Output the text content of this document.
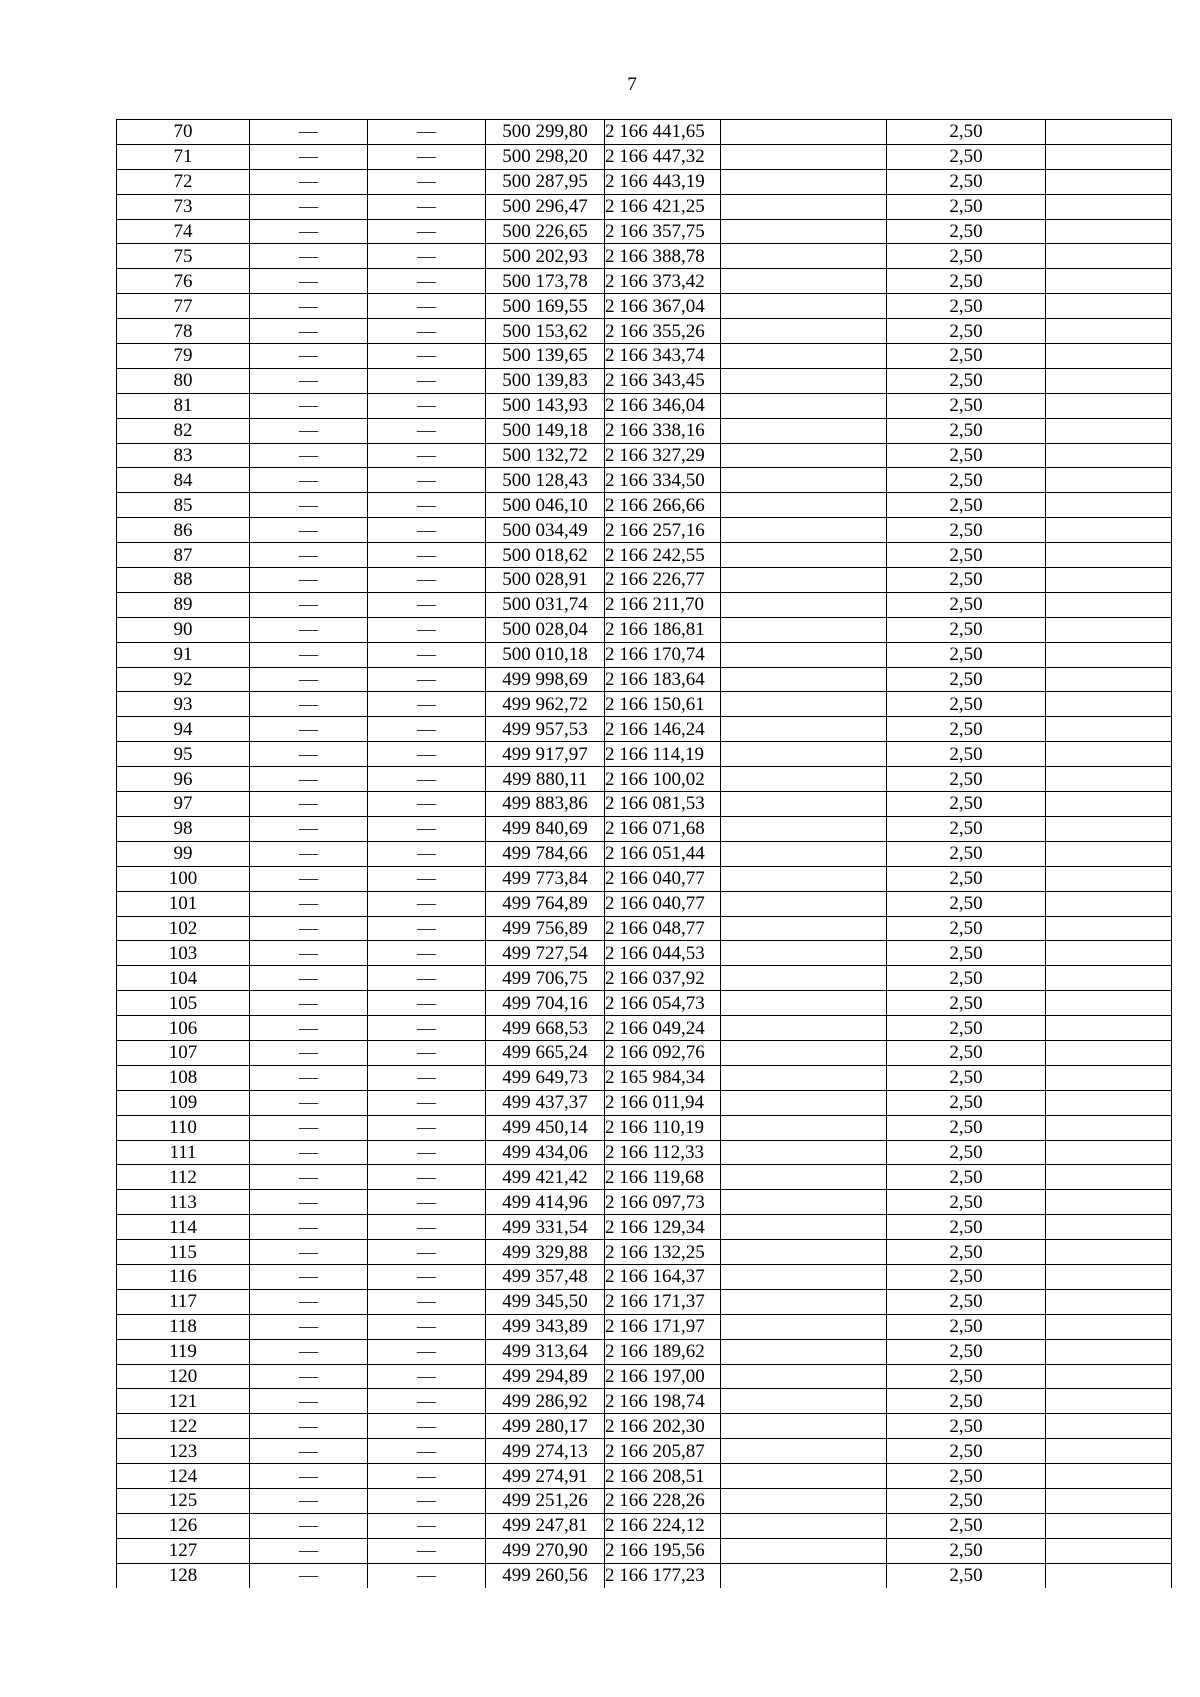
7
70	—	—	500 299,80	2 166 441,65		2,50	
71	—	—	500 298,20	2 166 447,32		2,50	
72	—	—	500 287,95	2 166 443,19		2,50	
73	—	—	500 296,47	2 166 421,25		2,50	
74	—	—	500 226,65	2 166 357,75		2,50	
75	—	—	500 202,93	2 166 388,78		2,50	
76	—	—	500 173,78	2 166 373,42		2,50	
77	—	—	500 169,55	2 166 367,04		2,50	
78	—	—	500 153,62	2 166 355,26		2,50	
79	—	—	500 139,65	2 166 343,74		2,50	
80	—	—	500 139,83	2 166 343,45		2,50	
81	—	—	500 143,93	2 166 346,04		2,50	
82	—	—	500 149,18	2 166 338,16		2,50	
83	—	—	500 132,72	2 166 327,29		2,50	
84	—	—	500 128,43	2 166 334,50		2,50	
85	—	—	500 046,10	2 166 266,66		2,50	
86	—	—	500 034,49	2 166 257,16		2,50	
87	—	—	500 018,62	2 166 242,55		2,50	
88	—	—	500 028,91	2 166 226,77		2,50	
89	—	—	500 031,74	2 166 211,70		2,50	
90	—	—	500 028,04	2 166 186,81		2,50	
91	—	—	500 010,18	2 166 170,74		2,50	
92	—	—	499 998,69	2 166 183,64		2,50	
93	—	—	499 962,72	2 166 150,61		2,50	
94	—	—	499 957,53	2 166 146,24		2,50	
95	—	—	499 917,97	2 166 114,19		2,50	
96	—	—	499 880,11	2 166 100,02		2,50	
97	—	—	499 883,86	2 166 081,53		2,50	
98	—	—	499 840,69	2 166 071,68		2,50	
99	—	—	499 784,66	2 166 051,44		2,50	
100	—	—	499 773,84	2 166 040,77		2,50	
101	—	—	499 764,89	2 166 040,77		2,50	
102	—	—	499 756,89	2 166 048,77		2,50	
103	—	—	499 727,54	2 166 044,53		2,50	
104	—	—	499 706,75	2 166 037,92		2,50	
105	—	—	499 704,16	2 166 054,73		2,50	
106	—	—	499 668,53	2 166 049,24		2,50	
107	—	—	499 665,24	2 166 092,76		2,50	
108	—	—	499 649,73	2 165 984,34		2,50	
109	—	—	499 437,37	2 166 011,94		2,50	
110	—	—	499 450,14	2 166 110,19		2,50	
111	—	—	499 434,06	2 166 112,33		2,50	
112	—	—	499 421,42	2 166 119,68		2,50	
113	—	—	499 414,96	2 166 097,73		2,50	
114	—	—	499 331,54	2 166 129,34		2,50	
115	—	—	499 329,88	2 166 132,25		2,50	
116	—	—	499 357,48	2 166 164,37		2,50	
117	—	—	499 345,50	2 166 171,37		2,50	
118	—	—	499 343,89	2 166 171,97		2,50	
119	—	—	499 313,64	2 166 189,62		2,50	
120	—	—	499 294,89	2 166 197,00		2,50	
121	—	—	499 286,92	2 166 198,74		2,50	
122	—	—	499 280,17	2 166 202,30		2,50	
123	—	—	499 274,13	2 166 205,87		2,50	
124	—	—	499 274,91	2 166 208,51		2,50	
125	—	—	499 251,26	2 166 228,26		2,50	
126	—	—	499 247,81	2 166 224,12		2,50	
127	—	—	499 270,90	2 166 195,56		2,50	
128	—	—	499 260,56	2 166 177,23		2,50	
